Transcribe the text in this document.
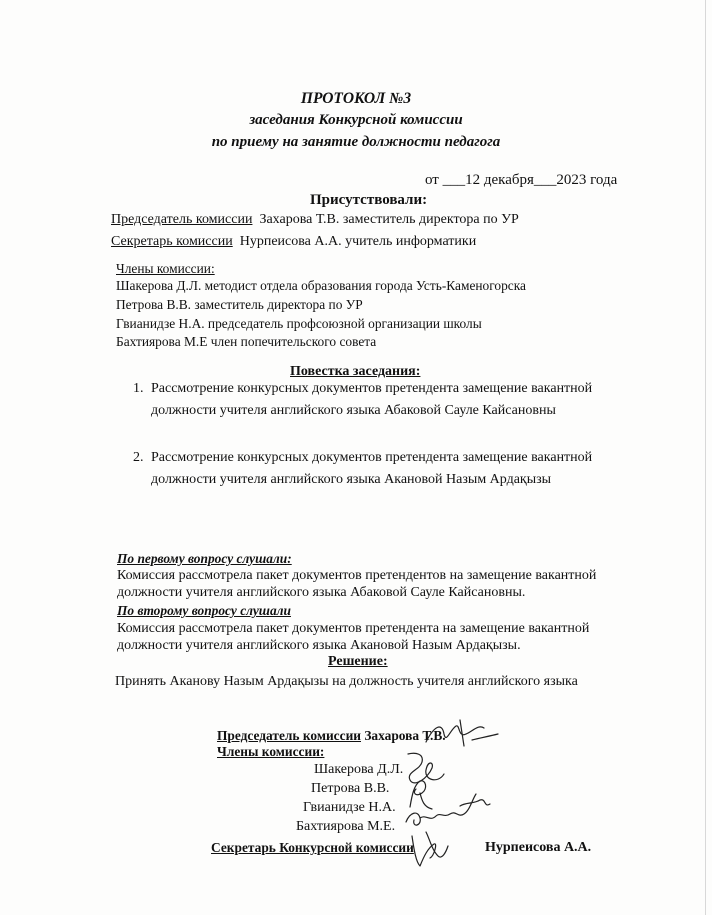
ПРОТОКОЛ №3
заседания Конкурсной комиссии
по приему на занятие должности педагога
от ___12 декабря___2023 года
Присутствовали:
Председатель комиссии Захарова Т.В. заместитель директора по УР
Секретарь комиссии Нурпеисова А.А. учитель информатики
Члены комиссии:
Шакерова Д.Л. методист отдела образования города Усть-Каменогорска
Петрова В.В. заместитель директора по УР
Гвианидзе Н.А. председатель профсоюзной организации школы
Бахтиярова М.Е член попечительского совета
Повестка заседания:
1. Рассмотрение конкурсных документов претендента замещение вакантной
должности учителя английского языка Абаковой Сауле Кайсановны
2. Рассмотрение конкурсных документов претендента замещение вакантной
должности учителя английского языка Акановой Назым Ардақызы
По первому вопросу слушали:
Комиссия рассмотрела пакет документов претендентов на замещение вакантной
должности учителя английского языка Абаковой Сауле Кайсановны.
По второму вопросу слушали
Комиссия рассмотрела пакет документов претендента на замещение вакантной
должности учителя английского языка Акановой Назым Ардақызы.
Решение:
Принять Аканову Назым Ардақызы на должность учителя английского языка
Председатель комиссии Захарова Т.В.
Члены комиссии:
Шакерова Д.Л.
Петрова В.В.
Гвианидзе Н.А.
Бахтиярова М.Е.
Секретарь Конкурсной комиссии	Нурпеисова А.А.
